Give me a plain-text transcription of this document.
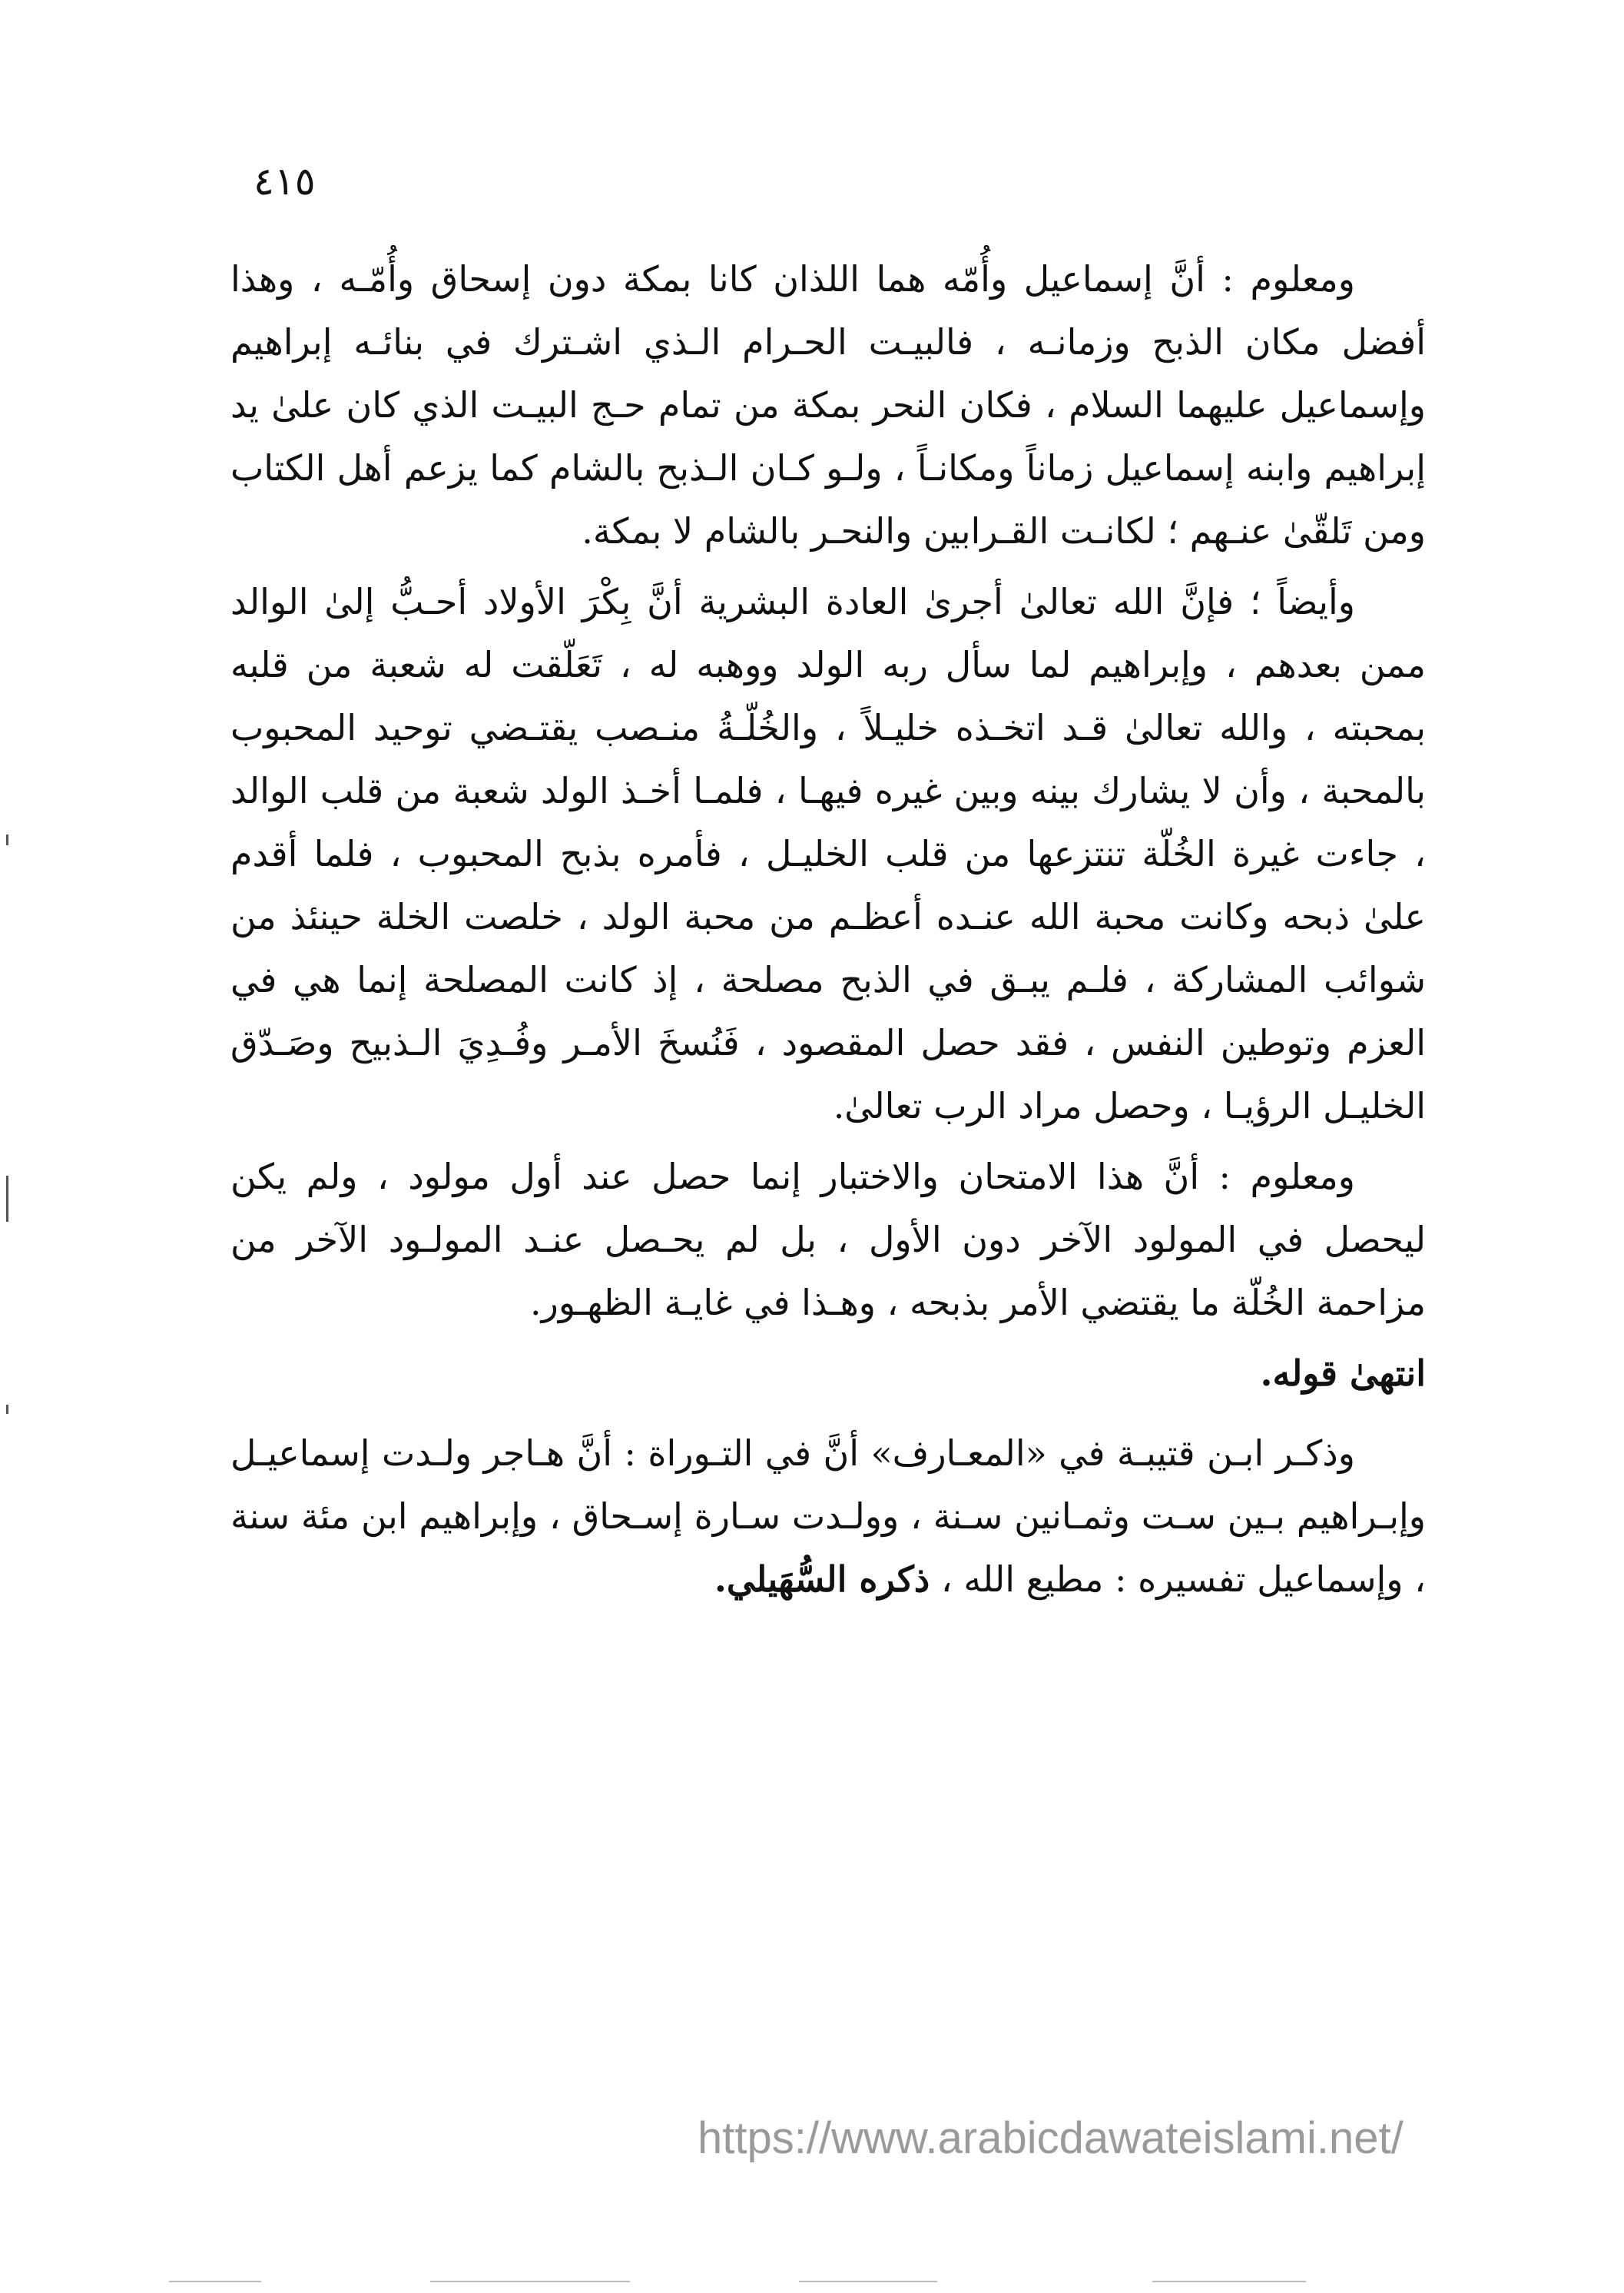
٤١٥

ومعلوم : أنَّ إسماعيل وأُمّه هما اللذان كانا بمكة دون إسحاق وأُمّـه ، وهذا أفضل مكان الذبح وزمانـه ، فالبيـت الحـرام الـذي اشـترك في بنائـه إبراهيم وإسماعيل عليهما السلام ، فكان النحر بمكة من تمام حـج البيـت الذي كان علىٰ يد إبراهيم وابنه إسماعيل زماناً ومكانـاً ، ولـو كـان الـذبح بالشام كما يزعم أهل الكتاب ومن تَلقّىٰ عنـهم ؛ لكانـت القـرابين والنحـر بالشام لا بمكة.

وأيضاً ؛ فإنَّ الله تعالىٰ أجرىٰ العادة البشرية أنَّ بِكْرَ الأولاد أحـبُّ إلىٰ الوالد ممن بعدهم ، وإبراهيم لما سأل ربه الولد ووهبه له ، تَعَلّقت له شعبة من قلبه بمحبته ، والله تعالىٰ قـد اتخـذه خليـلاً ، والخُلّـةُ منـصب يقتـضي توحيد المحبوب بالمحبة ، وأن لا يشارك بينه وبين غيره فيهـا ، فلمـا أخـذ الولد شعبة من قلب الوالد ، جاءت غيرة الخُلّة تنتزعها من قلب الخليـل ، فأمره بذبح المحبوب ، فلما أقدم علىٰ ذبحه وكانت محبة الله عنـده أعظـم من محبة الولد ، خلصت الخلة حينئذ من شوائب المشاركة ، فلـم يبـق في الذبح مصلحة ، إذ كانت المصلحة إنما هي في العزم وتوطين النفس ، فقد حصل المقصود ، فَنُسخَ الأمـر وفُـدِيَ الـذبيح وصَـدّق الخليـل الرؤيـا ، وحصل مراد الرب تعالىٰ.

ومعلوم : أنَّ هذا الامتحان والاختبار إنما حصل عند أول مولود ، ولم يكن ليحصل في المولود الآخر دون الأول ، بل لم يحـصل عنـد المولـود الآخر من مزاحمة الخُلّة ما يقتضي الأمر بذبحه ، وهـذا في غايـة الظهـور.

انتهىٰ قوله.

وذكـر ابـن قتيبـة في «المعـارف» أنَّ في التـوراة : أنَّ هـاجر ولـدت إسماعيـل وإبـراهيم بـين سـت وثمـانين سـنة ، وولـدت سـارة إسـحاق ، وإبراهيم ابن مئة سنة ، وإسماعيل تفسيره : مطيع الله ، ذكره السُّهَيلي.

https://www.arabicdawateislami.net/
